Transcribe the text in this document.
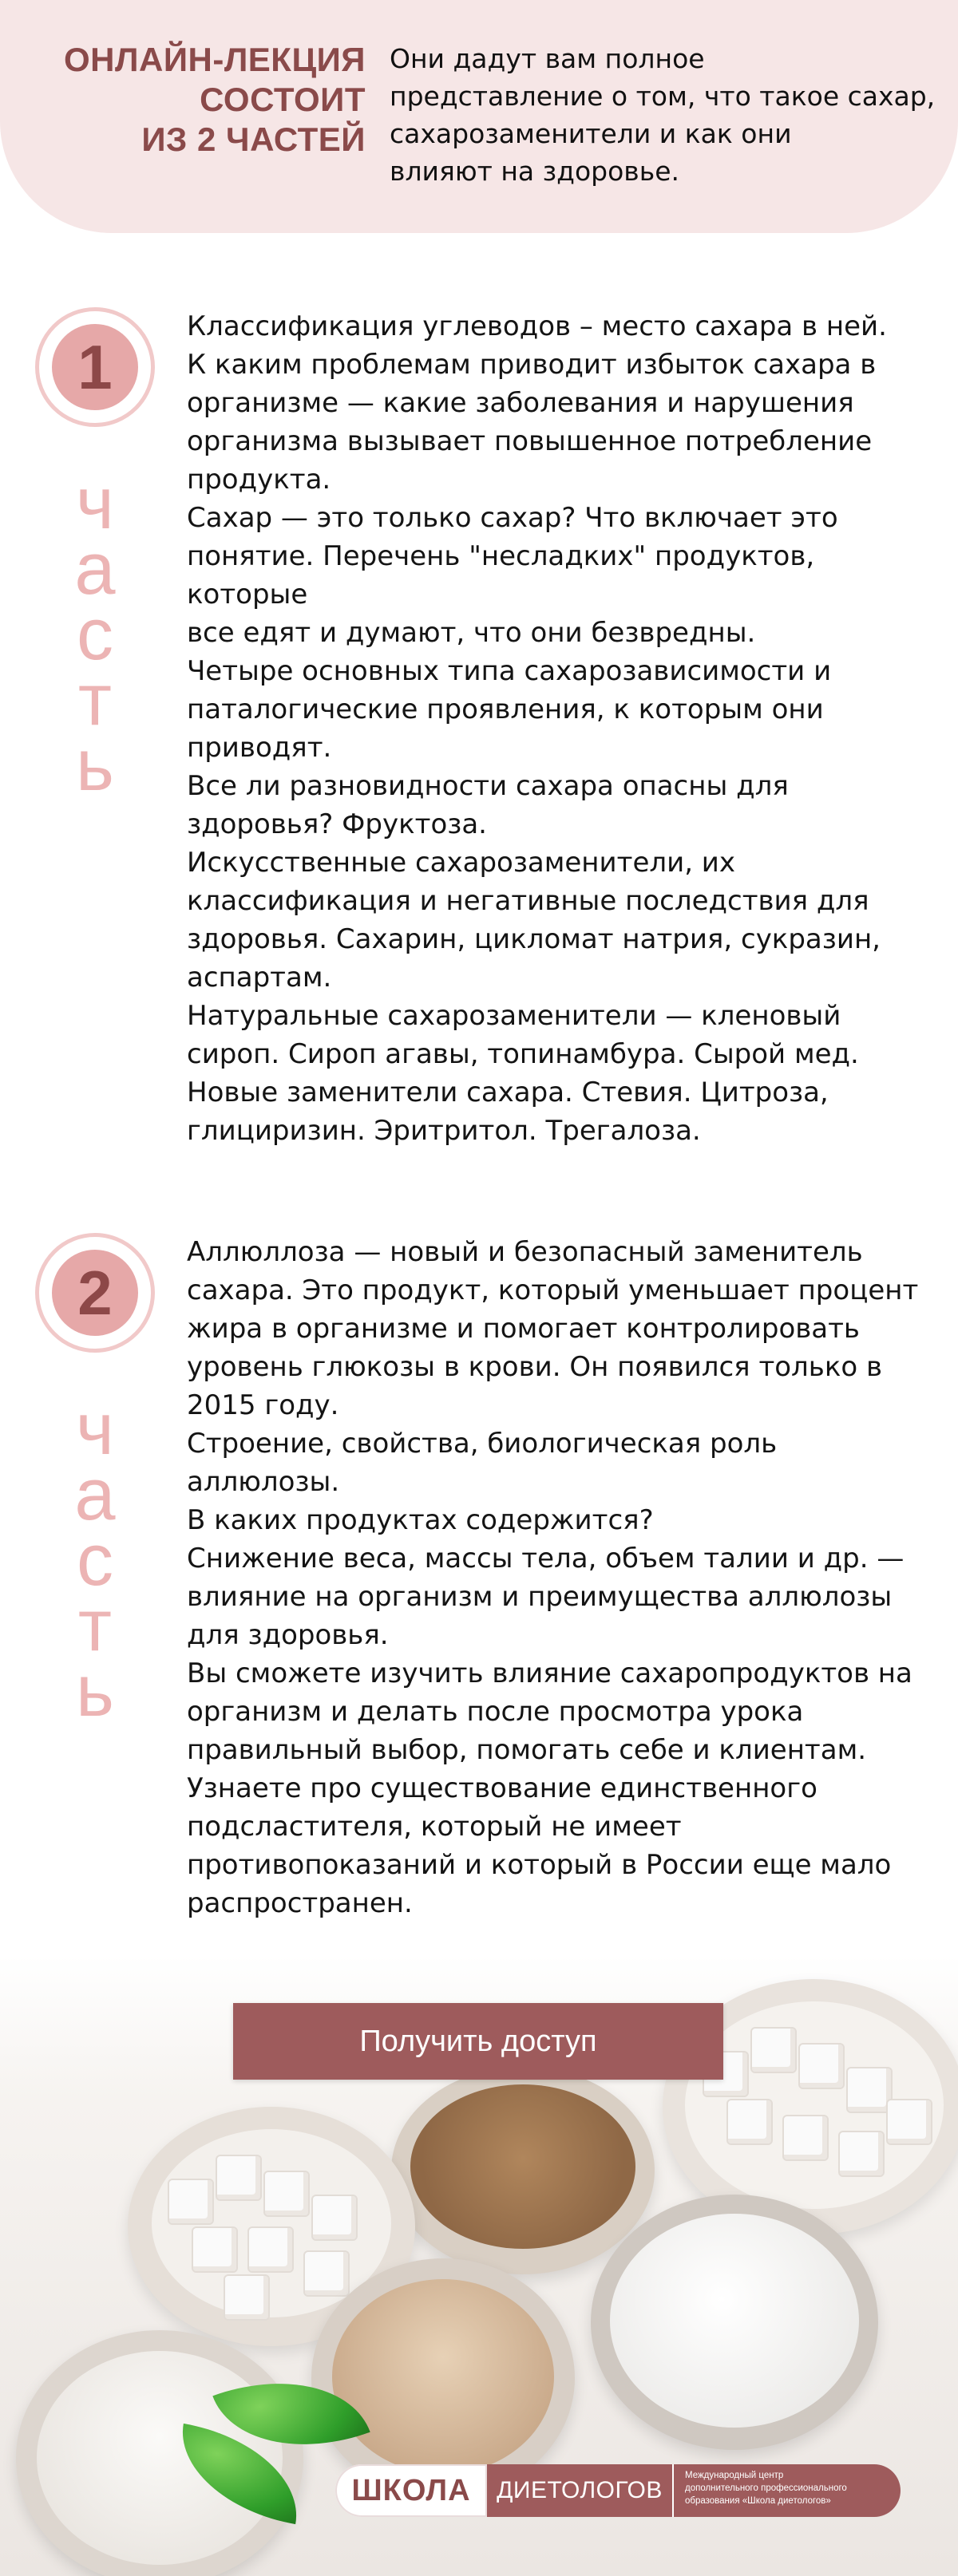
ОНЛАЙН-ЛЕКЦИЯ
СОСТОИТ
ИЗ 2 ЧАСТЕЙ
Они дадут вам полное
представление о том, что такое сахар,
сахарозаменители и как они
влияют на здоровье.
1
ч
а
с
т
ь
Классификация углеводов – место сахара в ней.
К каким проблемам приводит избыток сахара в
организме — какие заболевания и нарушения
организма вызывает повышенное потребление
продукта.
Сахар — это только сахар? Что включает это
понятие. Перечень "несладких" продуктов, которые
все едят и думают, что они безвредны.
Четыре основных типа сахарозависимости и
паталогические проявления, к которым они
приводят.
Все ли разновидности сахара опасны для
здоровья? Фруктоза.
Искусственные сахарозаменители, их
классификация и негативные последствия для
здоровья. Сахарин, цикломат натрия, сукразин,
аспартам.
Натуральные сахарозаменители — кленовый
сироп. Сироп агавы, топинамбура. Сырой мед.
Новые заменители сахара. Стевия. Цитроза,
глициризин. Эритритол. Трегалоза.
2
ч
а
с
т
ь
Аллюллоза — новый и безопасный заменитель
сахара. Это продукт, который уменьшает процент
жира в организме и помогает контролировать
уровень глюкозы в крови. Он появился только в
2015 году.
Строение, свойства, биологическая роль аллюлозы.
В каких продуктах содержится?
Снижение веса, массы тела, объем талии и др. —
влияние на организм и преимущества аллюлозы
для здоровья.
Вы сможете изучить влияние сахаропродуктов на
организм и делать после просмотра урока
правильный выбор, помогать себе и клиентам.
Узнаете про существование единственного
подсластителя, который не имеет
противопоказаний и который в России еще мало
распространен.
Получить доступ
ШКОЛА	ДИЕТОЛОГОВ
Международный центр
дополнительного профессионального
образования «Школа диетологов»
